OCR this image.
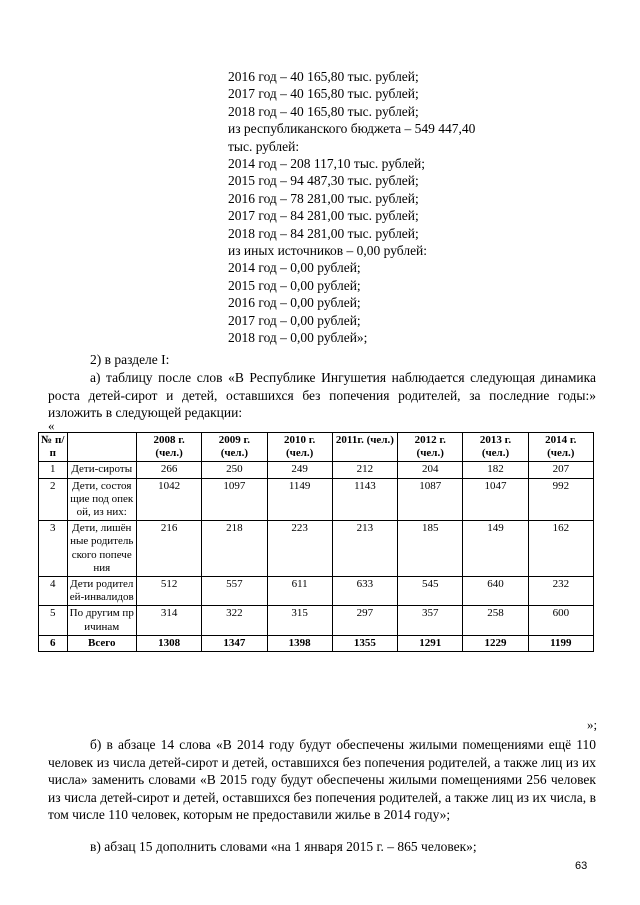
2016 год – 40 165,80 тыс. рублей;
2017 год – 40 165,80 тыс. рублей;
2018 год – 40 165,80 тыс. рублей;
из республиканского бюджета – 549 447,40
тыс. рублей:
2014 год – 208 117,10 тыс. рублей;
2015 год – 94 487,30 тыс. рублей;
2016 год – 78 281,00 тыс. рублей;
2017 год – 84 281,00 тыс. рублей;
2018 год – 84 281,00 тыс. рублей;
из иных источников – 0,00 рублей:
2014 год – 0,00 рублей;
2015 год – 0,00 рублей;
2016 год – 0,00 рублей;
2017 год – 0,00 рублей;
2018 год – 0,00 рублей»;
2) в разделе I:
а) таблицу после слов «В Республике Ингушетия наблюдается следующая динамика роста детей-сирот и детей, оставшихся без попечения родителей, за последние годы:» изложить в следующей редакции:
«
№ п/п		2008 г. (чел.)	2009 г. (чел.)	2010 г. (чел.)	2011г. (чел.)	2012 г. (чел.)	2013 г. (чел.)	2014 г. (чел.)
1	Дети-сироты	266	250	249	212	204	182	207
2	Дети, состоящие под опекой, из них:	1042	1097	1149	1143	1087	1047	992
3	Дети, лишённые родительского попечения	216	218	223	213	185	149	162
4	Дети родителей-инвалидов	512	557	611	633	545	640	232
5	По другим причинам	314	322	315	297	357	258	600
6	Всего	1308	1347	1398	1355	1291	1229	1199
»;
б) в абзаце 14 слова «В 2014 году будут обеспечены жилыми помещениями ещё 110 человек из числа детей-сирот и детей, оставшихся без попечения родителей, а также лиц из их числа» заменить словами «В 2015 году будут обеспечены жилыми помещениями 256 человек из числа детей-сирот и детей, оставшихся без попечения родителей, а также лиц из их числа, в том числе 110 человек, которым не предоставили жилье в 2014 году»;
в) абзац 15 дополнить словами «на 1 января 2015 г. – 865 человек»;
63
